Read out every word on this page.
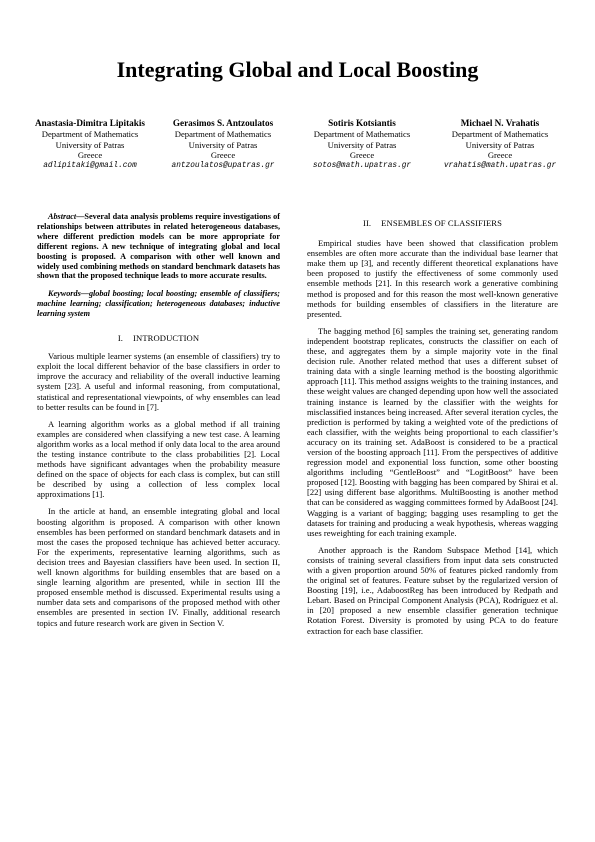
Integrating Global and Local Boosting
Anastasia-Dimitra Lipitakis
Department of Mathematics
University of Patras
Greece
adlipitaki@gmail.com
Gerasimos S. Antzoulatos
Department of Mathematics
University of Patras
Greece
antzoulatos@upatras.gr
Sotiris Kotsiantis
Department of Mathematics
University of Patras
Greece
sotos@math.upatras.gr
Michael N. Vrahatis
Department of Mathematics
University of Patras
Greece
vrahatis@math.upatras.gr

Abstract—Several data analysis problems require investigations of relationships between attributes in related heterogeneous databases, where different prediction models can be more appropriate for different regions. A new technique of integrating global and local boosting is proposed. A comparison with other well known and widely used combining methods on standard benchmark datasets has shown that the proposed technique leads to more accurate results.

Keywords—global boosting; local boosting; ensemble of classifiers; machine learning; classification; heterogeneous databases; inductive learning system

I. INTRODUCTION

Various multiple learner systems (an ensemble of classifiers) try to exploit the local different behavior of the base classifiers in order to improve the accuracy and reliability of the overall inductive learning system [23]. A useful and informal reasoning, from computational, statistical and representational viewpoints, of why ensembles can lead to better results can be found in [7].

A learning algorithm works as a global method if all training examples are considered when classifying a new test case. A learning algorithm works as a local method if only data local to the area around the testing instance contribute to the class probabilities [2]. Local methods have significant advantages when the probability measure defined on the space of objects for each class is complex, but can still be described by using a collection of less complex local approximations [1].

In the article at hand, an ensemble integrating global and local boosting algorithm is proposed. A comparison with other known ensembles has been performed on standard benchmark datasets and in most the cases the proposed technique has achieved better accuracy. For the experiments, representative learning algorithms, such as decision trees and Bayesian classifiers have been used. In section II, well known algorithms for building ensembles that are based on a single learning algorithm are presented, while in section III the proposed ensemble method is discussed. Experimental results using a number data sets and comparisons of the proposed method with other ensembles are presented in section IV. Finally, additional research topics and future research work are given in Section V.

II. ENSEMBLES OF CLASSIFIERS

Empirical studies have been showed that classification problem ensembles are often more accurate than the individual base learner that make them up [3], and recently different theoretical explanations have been proposed to justify the effectiveness of some commonly used ensemble methods [21]. In this research work a generative combining method is proposed and for this reason the most well-known generative methods for building ensembles of classifiers in the literature are presented.

The bagging method [6] samples the training set, generating random independent bootstrap replicates, constructs the classifier on each of these, and aggregates them by a simple majority vote in the final decision rule. Another related method that uses a different subset of training data with a single learning method is the boosting algorithmic approach [11]. This method assigns weights to the training instances, and these weight values are changed depending upon how well the associated training instance is learned by the classifier with the weights for misclassified instances being increased. After several iteration cycles, the prediction is performed by taking a weighted vote of the predictions of each classifier, with the weights being proportional to each classifier’s accuracy on its training set. AdaBoost is considered to be a practical version of the boosting approach [11]. From the perspectives of additive regression model and exponential loss function, some other boosting algorithms including “GentleBoost” and “LogitBoost” have been proposed [12]. Boosting with bagging has been compared by Shirai et al.[22] using different base algorithms. MultiBoosting is another method that can be considered as wagging committees formed by AdaBoost [24]. Wagging is a variant of bagging; bagging uses resampling to get the datasets for training and producing a weak hypothesis, whereas wagging uses reweighting for each training example.

Another approach is the Random Subspace Method [14], which consists of training several classifiers from input data sets constructed with a given proportion around 50% of features picked randomly from the original set of features. Feature subset by the regularized version of Boosting [19], i.e., AdaboostReg has been introduced by Redpath and Lebart. Based on Principal Component Analysis (PCA), Rodríguez et al. in [20] proposed a new ensemble classifier generation technique Rotation Forest. Diversity is promoted by using PCA to do feature extraction for each base classifier.
